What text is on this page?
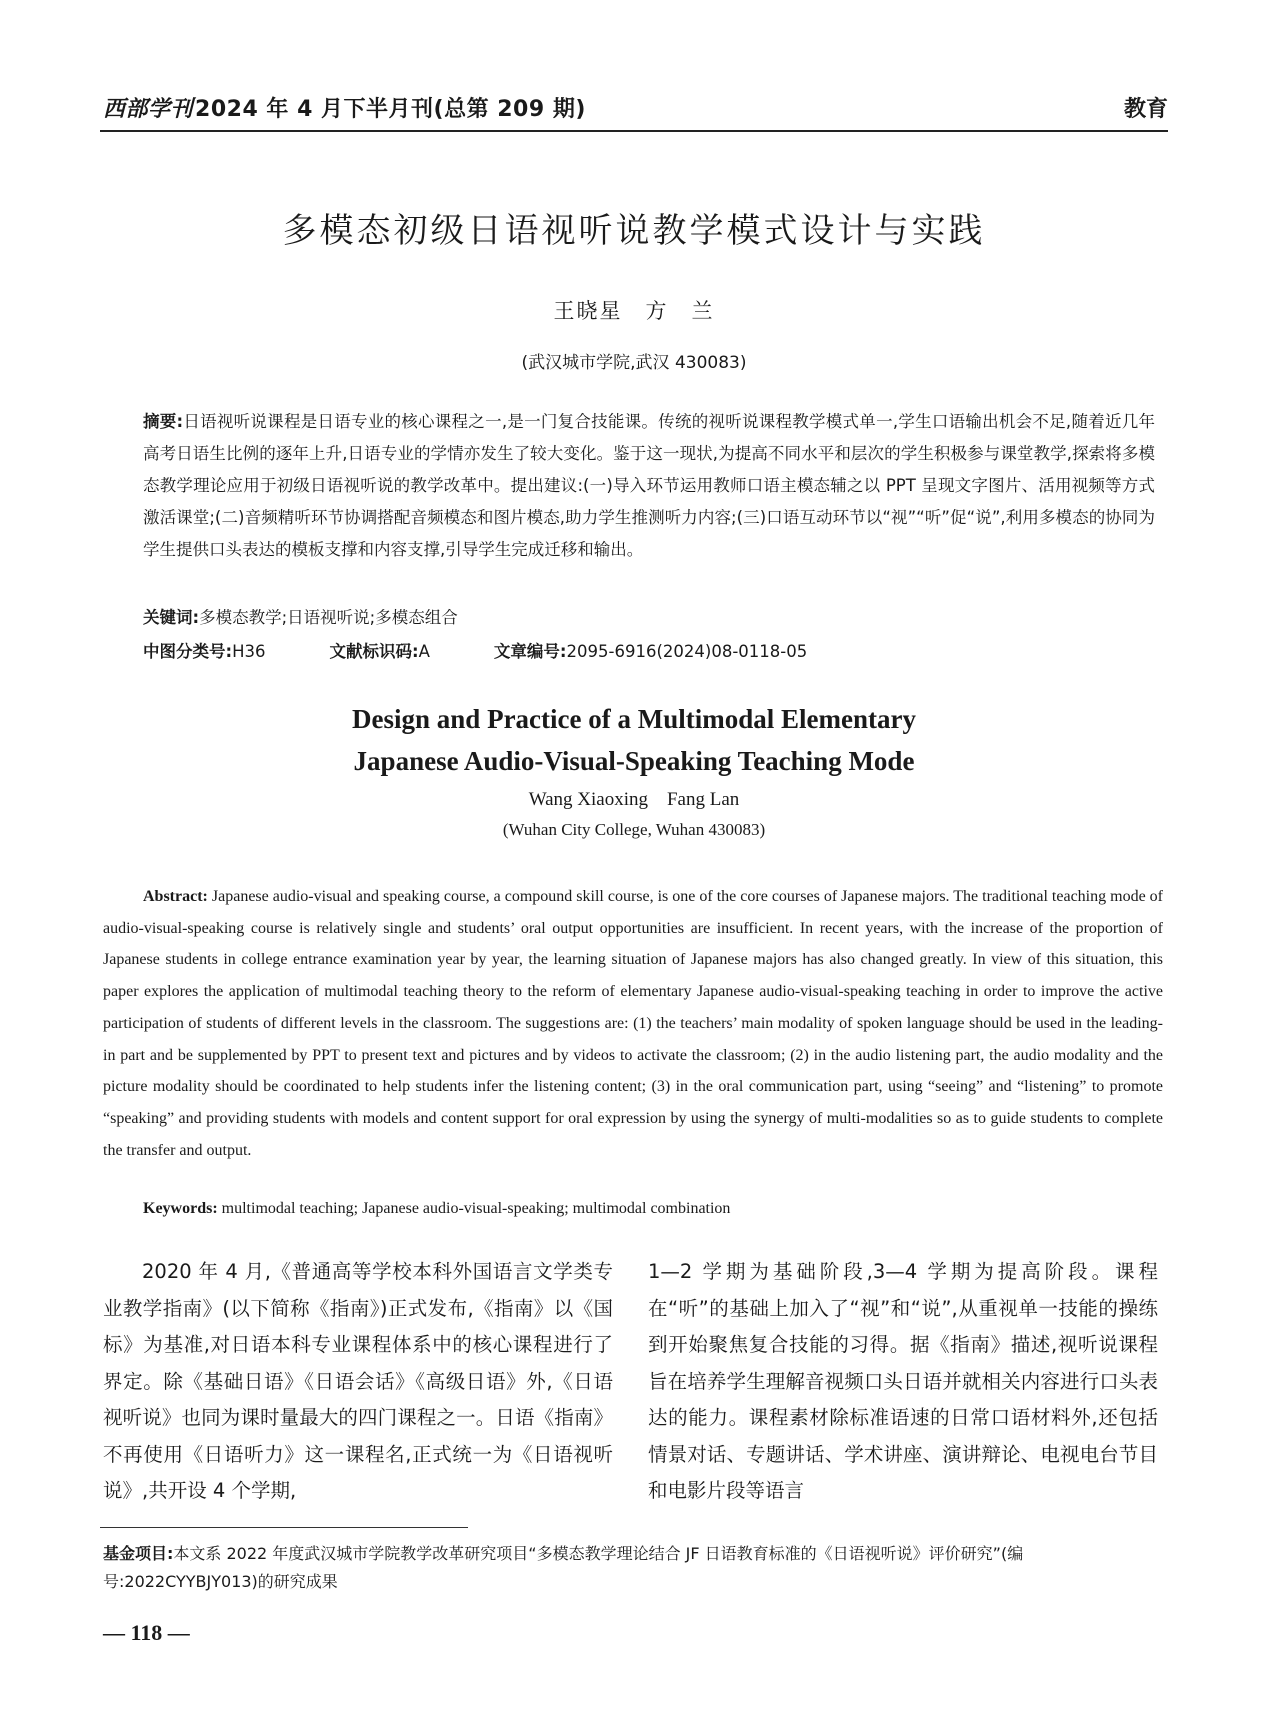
西部学刊2024 年 4 月下半月刊(总第 209 期)	教育
多模态初级日语视听说教学模式设计与实践
王晓星　方　兰
(武汉城市学院,武汉 430083)
摘要:日语视听说课程是日语专业的核心课程之一,是一门复合技能课。传统的视听说课程教学模式单一,学生口语输出机会不足,随着近几年高考日语生比例的逐年上升,日语专业的学情亦发生了较大变化。鉴于这一现状,为提高不同水平和层次的学生积极参与课堂教学,探索将多模态教学理论应用于初级日语视听说的教学改革中。提出建议:(一)导入环节运用教师口语主模态辅之以 PPT 呈现文字图片、活用视频等方式激活课堂;(二)音频精听环节协调搭配音频模态和图片模态,助力学生推测听力内容;(三)口语互动环节以“视”“听”促“说”,利用多模态的协同为学生提供口头表达的模板支撑和内容支撑,引导学生完成迁移和输出。
关键词:多模态教学;日语视听说;多模态组合
中图分类号:H36	文献标识码:A	文章编号:2095-6916(2024)08-0118-05
Design and Practice of a Multimodal Elementary
Japanese Audio-Visual-Speaking Teaching Mode
Wang Xiaoxing　Fang Lan
(Wuhan City College, Wuhan 430083)
Abstract: Japanese audio-visual and speaking course, a compound skill course, is one of the core courses of Japanese majors. The traditional teaching mode of audio-visual-speaking course is relatively single and students’ oral output opportunities are insufficient. In recent years, with the increase of the proportion of Japanese students in college entrance examination year by year, the learning situation of Japanese majors has also changed greatly. In view of this situation, this paper explores the application of multimodal teaching theory to the reform of elementary Japanese audio-visual-speaking teaching in order to improve the active participation of students of different levels in the classroom. The suggestions are: (1) the teachers’ main modality of spoken language should be used in the leading-in part and be supplemented by PPT to present text and pictures and by videos to activate the classroom; (2) in the audio listening part, the audio modality and the picture modality should be coordinated to help students infer the listening content; (3) in the oral communication part, using “seeing” and “listening” to promote “speaking” and providing students with models and content support for oral expression by using the synergy of multi-modalities so as to guide students to complete the transfer and output.
Keywords: multimodal teaching; Japanese audio-visual-speaking; multimodal combination
2020 年 4 月,《普通高等学校本科外国语言文学类专业教学指南》(以下简称《指南》)正式发布,《指南》以《国标》为基准,对日语本科专业课程体系中的核心课程进行了界定。除《基础日语》《日语会话》《高级日语》外,《日语视听说》也同为课时量最大的四门课程之一。日语《指南》不再使用《日语听力》这一课程名,正式统一为《日语视听说》,共开设 4 个学期,
1—2 学期为基础阶段,3—4 学期为提高阶段。课程在“听”的基础上加入了“视”和“说”,从重视单一技能的操练到开始聚焦复合技能的习得。据《指南》描述,视听说课程旨在培养学生理解音视频口头日语并就相关内容进行口头表达的能力。课程素材除标准语速的日常口语材料外,还包括情景对话、专题讲话、学术讲座、演讲辩论、电视电台节目和电影片段等语言
基金项目:本文系 2022 年度武汉城市学院教学改革研究项目“多模态教学理论结合 JF 日语教育标准的《日语视听说》评价研究”(编号:2022CYYBJY013)的研究成果
— 118 —
